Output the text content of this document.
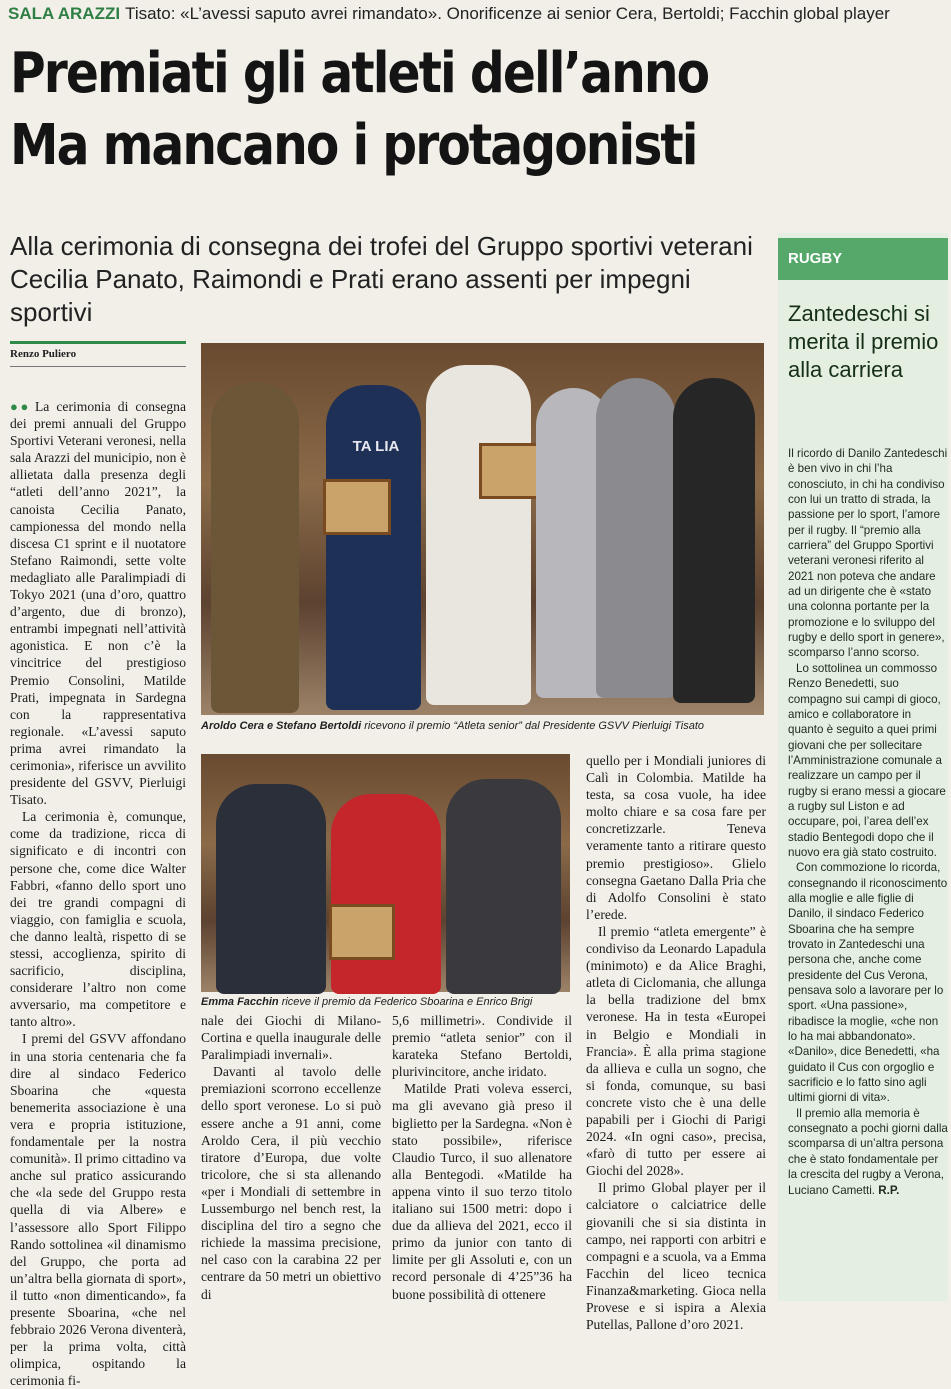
SALA ARAZZI Tisato: «L’avessi saputo avrei rimandato». Onorificenze ai senior Cera, Bertoldi; Facchin global player
Premiati gli atleti dell’anno
Ma mancano i protagonisti
Alla cerimonia di consegna dei trofei del Gruppo sportivi veterani
Cecilia Panato, Raimondi e Prati erano assenti per impegni sportivi
Renzo Puliero

●● La cerimonia di consegna dei premi annuali del Gruppo Sportivi Veterani veronesi, nella sala Arazzi del municipio, non è allietata dalla presenza degli “atleti dell’anno 2021”, la canoista Cecilia Panato, campionessa del mondo nella discesa C1 sprint e il nuotatore Stefano Raimondi, sette volte medagliato alle Paralimpiadi di Tokyo 2021 (una d’oro, quattro d’argento, due di bronzo), entrambi impegnati nell’attività agonistica. E non c’è la vincitrice del prestigioso Premio Consolini, Matilde Prati, impegnata in Sardegna con la rappresentativa regionale. «L’avessi saputo prima avrei rimandato la cerimonia», riferisce un avvilito presidente del GSVV, Pierluigi Tisato.

La cerimonia è, comunque, come da tradizione, ricca di significato e di incontri con persone che, come dice Walter Fabbri, «fanno dello sport uno dei tre grandi compagni di viaggio, con famiglia e scuola, che danno lealtà, rispetto di se stessi, accoglienza, spirito di sacrificio, disciplina, considerare l’altro non come avversario, ma competitore e tanto altro».

I premi del GSVV affondano in una storia centenaria che fa dire al sindaco Federico Sboarina che «questa benemerita associazione è una vera e propria istituzione, fondamentale per la nostra comunità». Il primo cittadino va anche sul pratico assicurando che «la sede del Gruppo resta quella di via Albere» e l’assessore allo Sport Filippo Rando sottolinea «il dinamismo del Gruppo, che porta ad un’altra bella giornata di sport», il tutto «non dimenticando», fa presente Sboarina, «che nel febbraio 2026 Verona diventerà, per la prima volta, città olimpica, ospitando la cerimonia fi-

TA LIA
Aroldo Cera e Stefano Bertoldi ricevono il premio “Atleta senior” dal Presidente GSVV Pierluigi Tisato
Emma Facchin riceve il premio da Federico Sboarina e Enrico Brigi

nale dei Giochi di Milano-Cortina e quella inaugurale delle Paralimpiadi invernali».

Davanti al tavolo delle premiazioni scorrono eccellenze dello sport veronese. Lo si può essere anche a 91 anni, come Aroldo Cera, il più vecchio tiratore d’Europa, due volte tricolore, che si sta allenando «per i Mondiali di settembre in Lussemburgo nel bench rest, la disciplina del tiro a segno che richiede la massima precisione, nel caso con la carabina 22 per centrare da 50 metri un obiettivo di

5,6 millimetri». Condivide il premio “atleta senior” con il karateka Stefano Bertoldi, plurivincitore, anche iridato.

Matilde Prati voleva esserci, ma gli avevano già preso il biglietto per la Sardegna. «Non è stato possibile», riferisce Claudio Turco, il suo allenatore alla Bentegodi. «Matilde ha appena vinto il suo terzo titolo italiano sui 1500 metri: dopo i due da allieva del 2021, ecco il primo da junior con tanto di limite per gli Assoluti e, con un record personale di 4’25”36 ha buone possibilità di ottenere

quello per i Mondiali juniores di Calì in Colombia. Matilde ha testa, sa cosa vuole, ha idee molto chiare e sa cosa fare per concretizzarle. Teneva veramente tanto a ritirare questo premio prestigioso». Glielo consegna Gaetano Dalla Pria che di Adolfo Consolini è stato l’erede.

Il premio “atleta emergente” è condiviso da Leonardo Lapadula (minimoto) e da Alice Braghi, atleta di Ciclomania, che allunga la bella tradizione del bmx veronese. Ha in testa «Europei in Belgio e Mondiali in Francia». È alla prima stagione da allieva e culla un sogno, che si fonda, comunque, su basi concrete visto che è una delle papabili per i Giochi di Parigi 2024. «In ogni caso», precisa, «farò di tutto per essere ai Giochi del 2028».

Il primo Global player per il calciatore o calciatrice delle giovanili che si sia distinta in campo, nei rapporti con arbitri e compagni e a scuola, va a Emma Facchin del liceo tecnica Finanza&marketing. Gioca nella Provese e si ispira a Alexia Putellas, Pallone d’oro 2021.

RUGBY
Zantedeschi si merita il premio alla carriera

Il ricordo di Danilo Zantedeschi è ben vivo in chi l’ha conosciuto, in chi ha condiviso con lui un tratto di strada, la passione per lo sport, l’amore per il rugby. Il “premio alla carriera” del Gruppo Sportivi veterani veronesi riferito al 2021 non poteva che andare ad un dirigente che è «stato una colonna portante per la promozione e lo sviluppo del rugby e dello sport in genere», scomparso l’anno scorso.

Lo sottolinea un commosso Renzo Benedetti, suo compagno sui campi di gioco, amico e collaboratore in quanto è seguito a quei primi giovani che per sollecitare l’Amministrazione comunale a realizzare un campo per il rugby si erano messi a giocare a rugby sul Liston e ad occupare, poi, l’area dell’ex stadio Bentegodi dopo che il nuovo era già stato costruito.

Con commozione lo ricorda, consegnando il riconoscimento alla moglie e alle figlie di Danilo, il sindaco Federico Sboarina che ha sempre trovato in Zantedeschi una persona che, anche come presidente del Cus Verona, pensava solo a lavorare per lo sport. «Una passione», ribadisce la moglie, «che non lo ha mai abbandonato». «Danilo», dice Benedetti, «ha guidato il Cus con orgoglio e sacrificio e lo fatto sino agli ultimi giorni di vita».

Il premio alla memoria è consegnato a pochi giorni dalla scomparsa di un’altra persona che è stato fondamentale per la crescita del rugby a Verona, Luciano Cametti. R.P.
